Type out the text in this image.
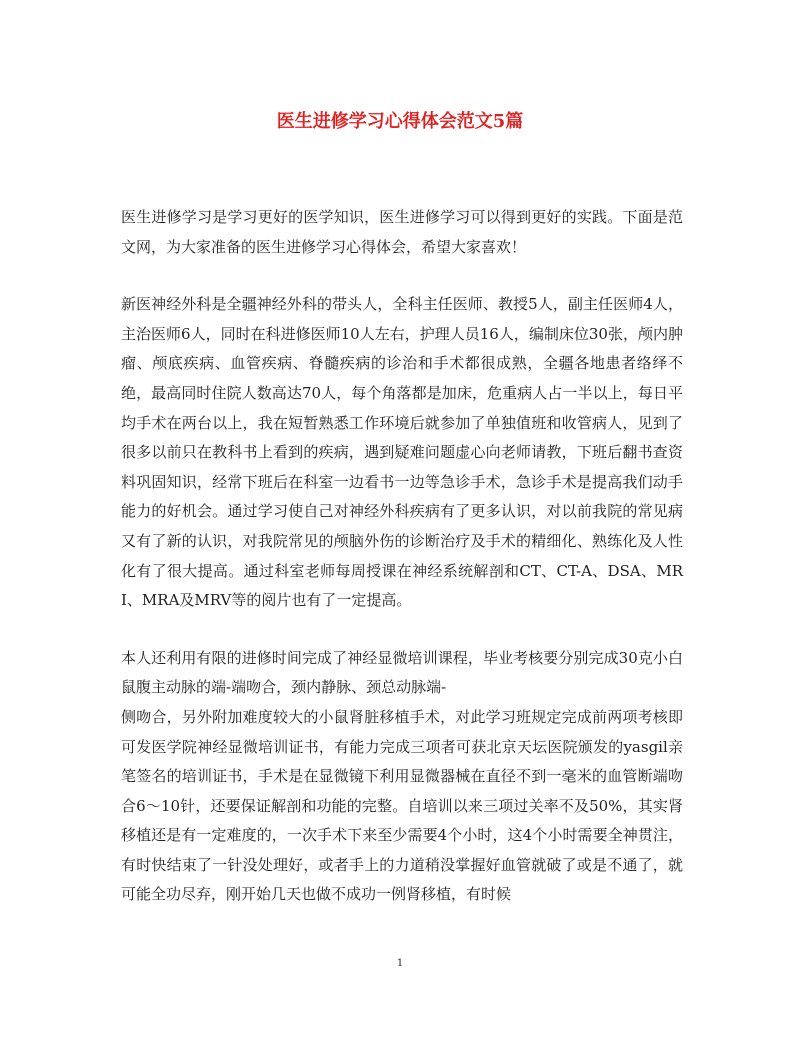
医生进修学习心得体会范文5篇

医生进修学习是学习更好的医学知识，医生进修学习可以得到更好的实践。下面是范文网，为大家准备的医生进修学习心得体会，希望大家喜欢！

新医神经外科是全疆神经外科的带头人，全科主任医师、教授5人，副主任医师4人，主治医师6人，同时在科进修医师10人左右，护理人员16人，编制床位30张，颅内肿瘤、颅底疾病、血管疾病、脊髓疾病的诊治和手术都很成熟，全疆各地患者络绎不绝，最高同时住院人数高达70人，每个角落都是加床，危重病人占一半以上，每日平均手术在两台以上，我在短暂熟悉工作环境后就参加了单独值班和收管病人，见到了很多以前只在教科书上看到的疾病，遇到疑难问题虚心向老师请教，下班后翻书查资料巩固知识，经常下班后在科室一边看书一边等急诊手术，急诊手术是提高我们动手能力的好机会。通过学习使自己对神经外科疾病有了更多认识，对以前我院的常见病又有了新的认识，对我院常见的颅脑外伤的诊断治疗及手术的精细化、熟练化及人性化有了很大提高。通过科室老师每周授课在神经系统解剖和CT、CT-A、DSA、MRI、MRA及MRV等的阅片也有了一定提高。

本人还利用有限的进修时间完成了神经显微培训课程，毕业考核要分别完成30克小白鼠腹主动脉的端-端吻合，颈内静脉、颈总动脉端-
侧吻合，另外附加难度较大的小鼠肾脏移植手术，对此学习班规定完成前两项考核即可发医学院神经显微培训证书，有能力完成三项者可获北京天坛医院颁发的yasgil亲笔签名的培训证书，手术是在显微镜下利用显微器械在直径不到一毫米的血管断端吻合6～10针，还要保证解剖和功能的完整。自培训以来三项过关率不及50%，其实肾移植还是有一定难度的，一次手术下来至少需要4个小时，这4个小时需要全神贯注，有时快结束了一针没处理好，或者手上的力道稍没掌握好血管就破了或是不通了，就可能全功尽弃，刚开始几天也做不成功一例肾移植，有时候

1
